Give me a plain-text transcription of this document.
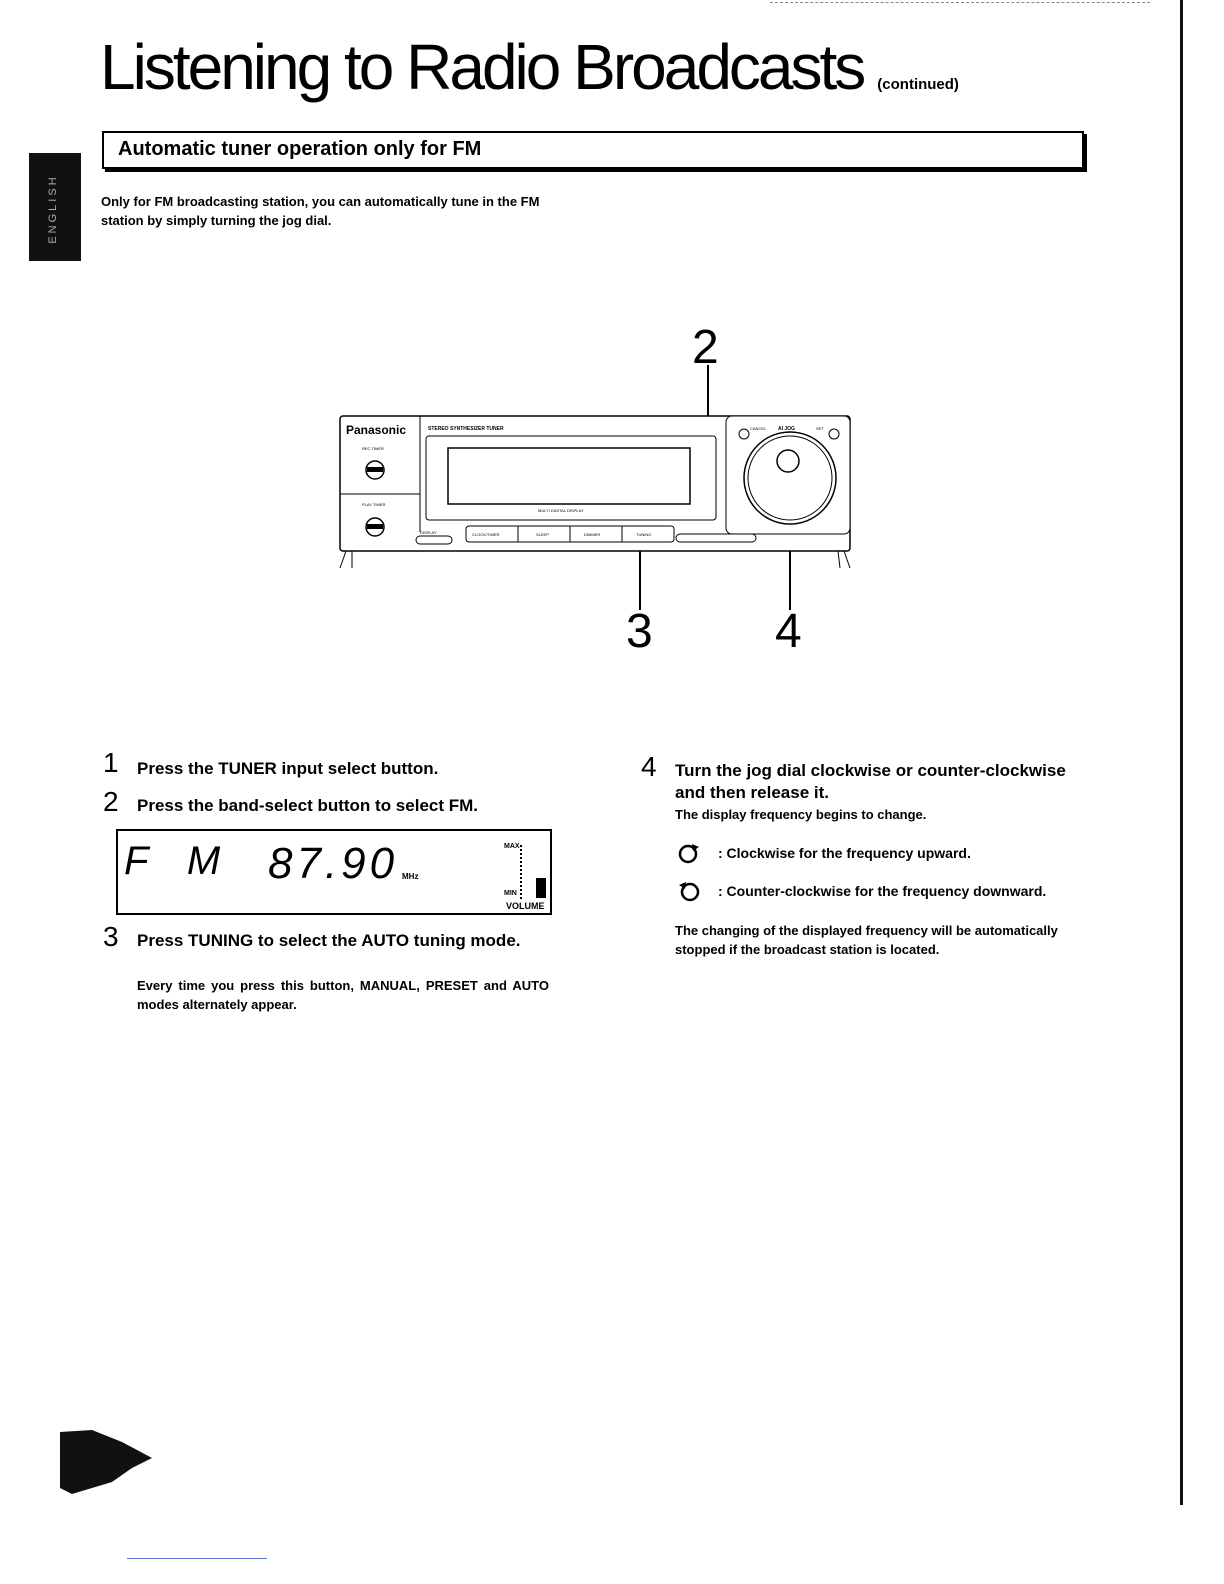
Listening to Radio Broadcasts (continued)
ENGLISH
Automatic tuner operation only for FM
Only for FM broadcasting station, you can automatically tune in the FM station by simply turning the jog dial.
Panasonic	STEREO SYNTHESIZER TUNER
REC TIMER
PLAY TIMER
MULTI DIGITAL DISPLAY
DISPLAY	CLOCK/TIMER	SLEEP	DIMMER	TUNING
CANCEL AI JOG	SET
2
3	4
1 Press the TUNER input select button.
2 Press the band-select button to select FM.
F M 87.90 MHz
MAX
MIN
VOLUME
3 Press TUNING to select the AUTO tuning mode.
Every time you press this button, MANUAL, PRESET and AUTO modes alternately appear.
4 Turn the jog dial clockwise or counter-clockwise and then release it.
The display frequency begins to change.
: Clockwise for the frequency upward.
: Counter-clockwise for the frequency downward.
The changing of the displayed frequency will be automatically stopped if the broadcast station is located.
